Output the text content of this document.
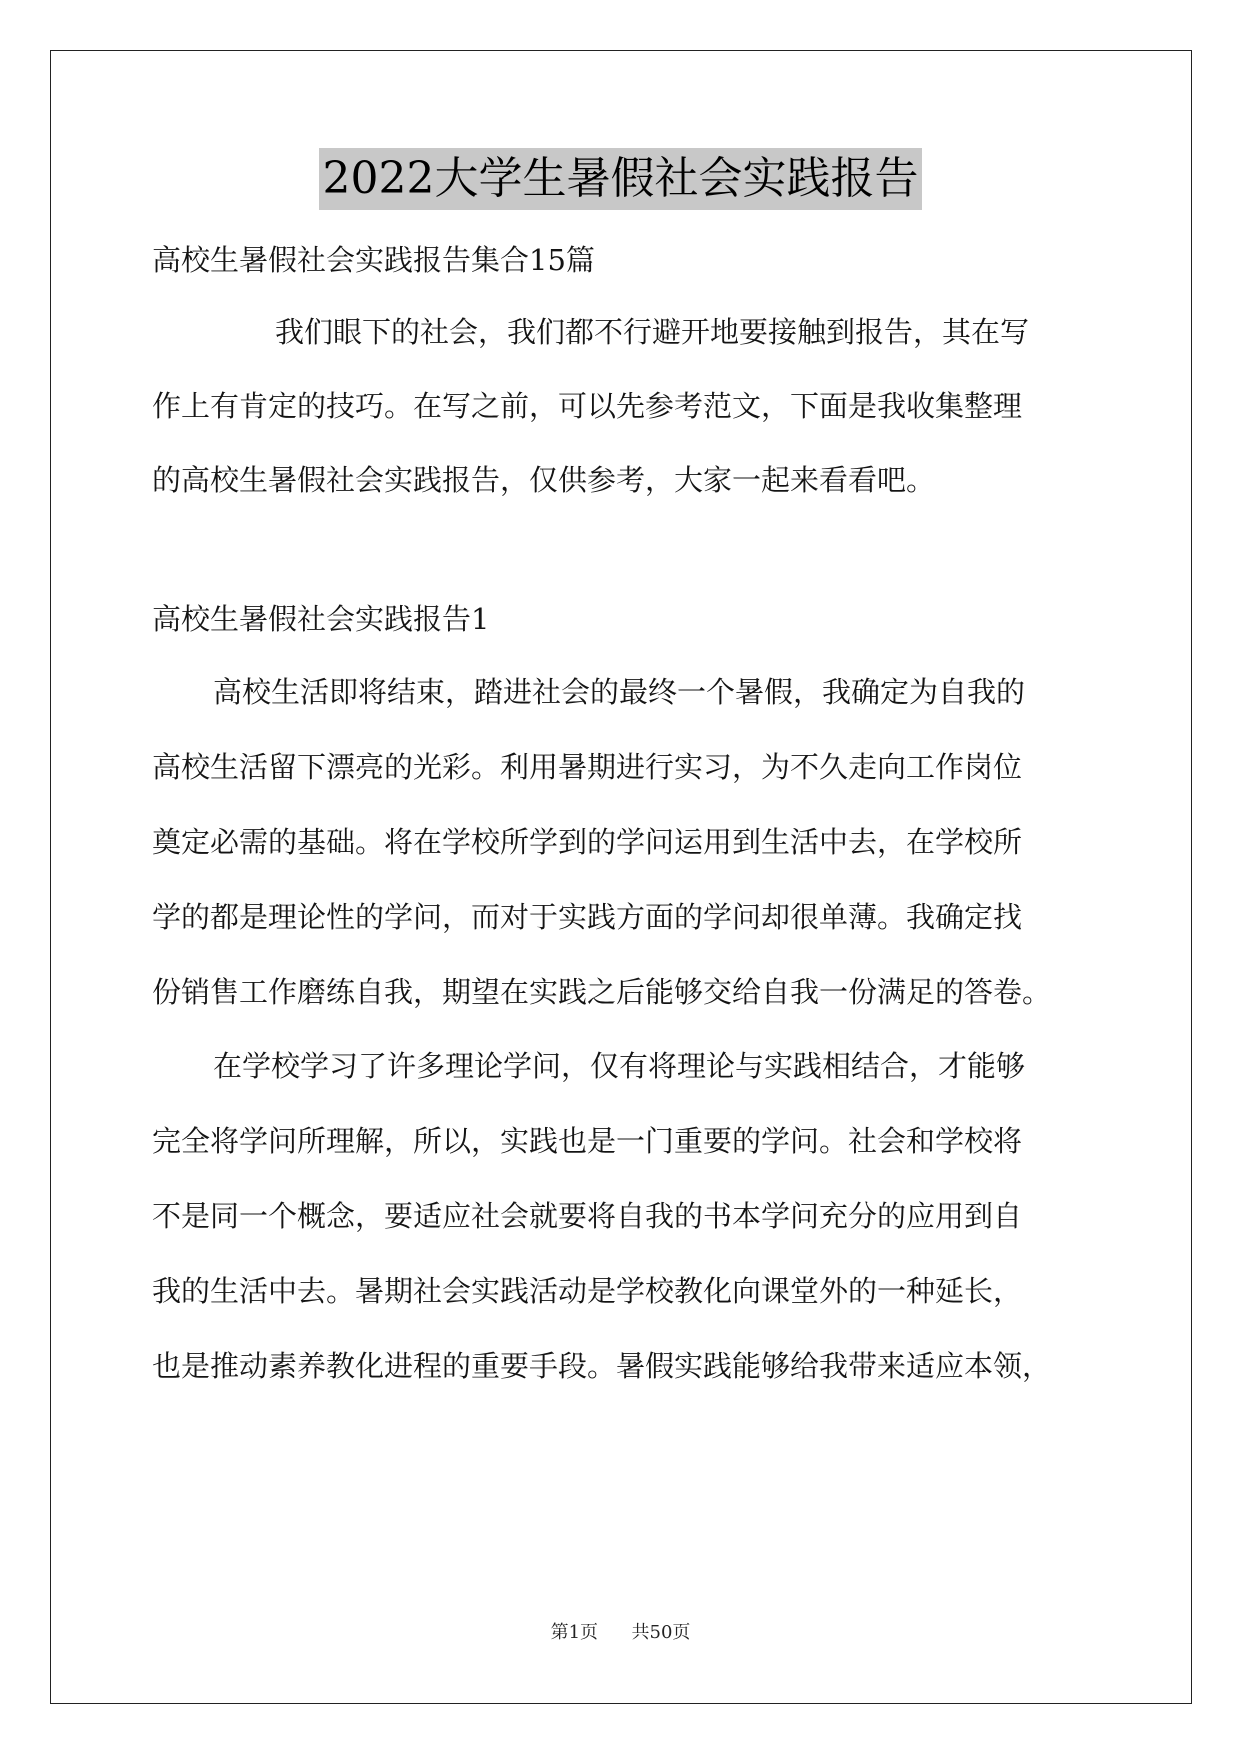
2022大学生暑假社会实践报告
高校生暑假社会实践报告集合15篇
我们眼下的社会，我们都不行避开地要接触到报告，其在写
作上有肯定的技巧。在写之前，可以先参考范文，下面是我收集整理
的高校生暑假社会实践报告，仅供参考，大家一起来看看吧。
高校生暑假社会实践报告1
高校生活即将结束，踏进社会的最终一个暑假，我确定为自我的
高校生活留下漂亮的光彩。利用暑期进行实习，为不久走向工作岗位
奠定必需的基础。将在学校所学到的学问运用到生活中去，在学校所
学的都是理论性的学问，而对于实践方面的学问却很单薄。我确定找
份销售工作磨练自我，期望在实践之后能够交给自我一份满足的答卷。
在学校学习了许多理论学问，仅有将理论与实践相结合，才能够
完全将学问所理解，所以，实践也是一门重要的学问。社会和学校将
不是同一个概念，要适应社会就要将自我的书本学问充分的应用到自
我的生活中去。暑期社会实践活动是学校教化向课堂外的一种延长，
也是推动素养教化进程的重要手段。暑假实践能够给我带来适应本领，
第1页 共50页
